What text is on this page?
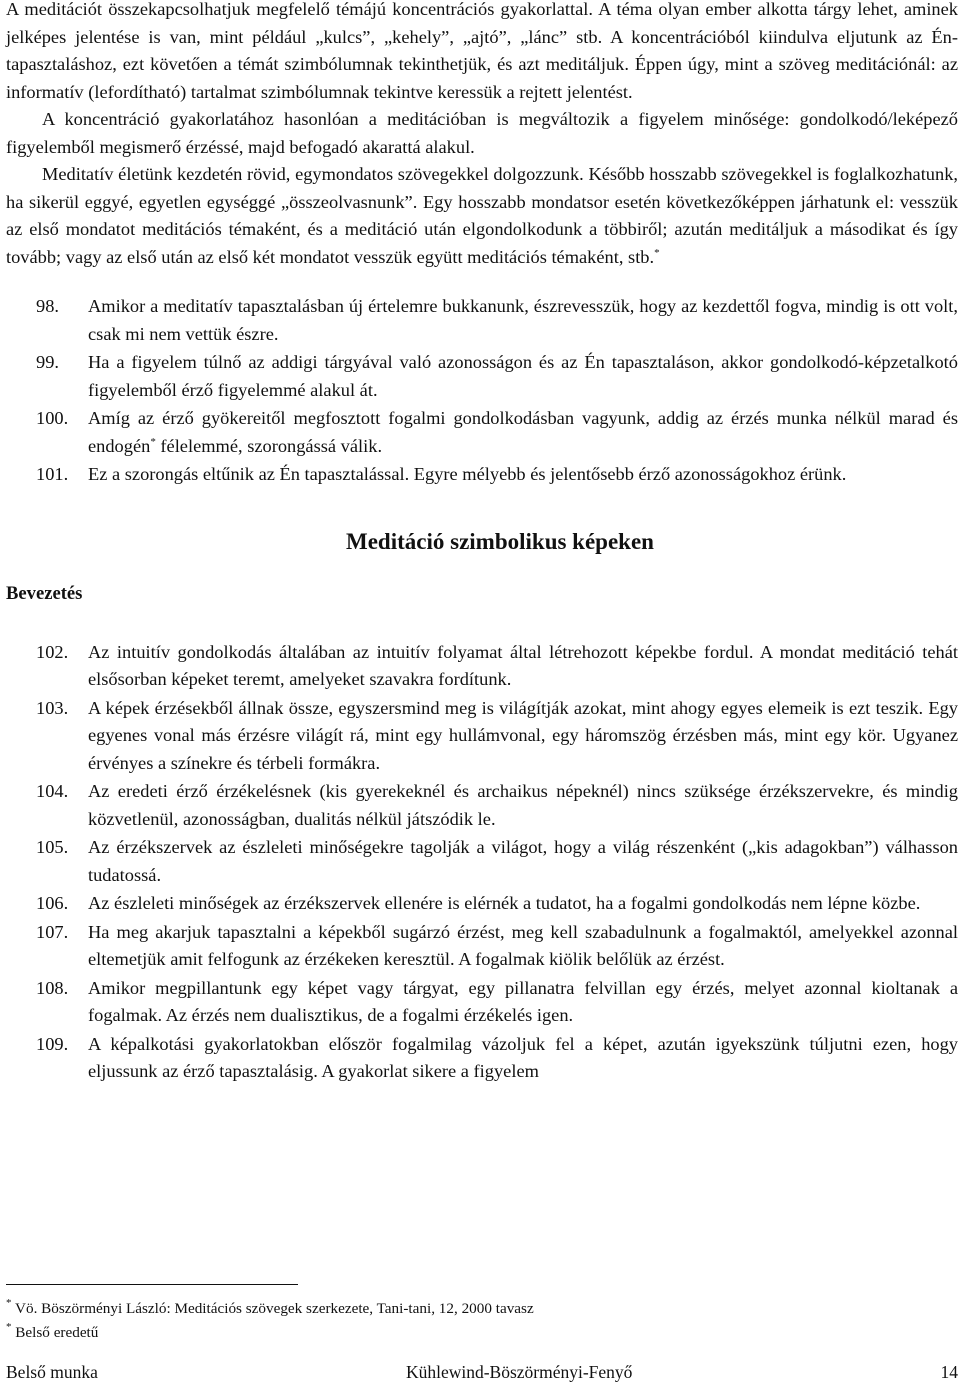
A meditációt összekapcsolhatjuk megfelelő témájú koncentrációs gyakorlattal. A téma olyan ember alkotta tárgy lehet, aminek jelképes jelentése is van, mint például „kulcs”, „kehely”, „ajtó”, „lánc” stb. A koncentrációból kiindulva eljutunk az Én-tapasztaláshoz, ezt követően a témát szimbólumnak tekinthetjük, és azt meditáljuk. Éppen úgy, mint a szöveg meditációnál: az informatív (lefordítható) tartalmat szimbólumnak tekintve keressük a rejtett jelentést.

A koncentráció gyakorlatához hasonlóan a meditációban is megváltozik a figyelem minősége: gondolkodó/leképező figyelemből megismerő érzéssé, majd befogadó akarattá alakul.

Meditatív életünk kezdetén rövid, egymondatos szövegekkel dolgozzunk. Később hosszabb szövegekkel is foglalkozhatunk, ha sikerül eggyé, egyetlen egységgé „összeolvasnunk”. Egy hosszabb mondatsor esetén következőképpen járhatunk el: vesszük az első mondatot meditációs témaként, és a meditáció után elgondolkodunk a többiről; azután meditáljuk a másodikat és így tovább; vagy az első után az első két mondatot vesszük együtt meditációs témaként, stb.*

98. Amikor a meditatív tapasztalásban új értelemre bukkanunk, észrevesszük, hogy az kezdettől fogva, mindig is ott volt, csak mi nem vettük észre.
99. Ha a figyelem túlnő az addigi tárgyával való azonosságon és az Én tapasztaláson, akkor gondolkodó-képzetalkotó figyelemből érző figyelemmé alakul át.
100. Amíg az érző gyökereitől megfosztott fogalmi gondolkodásban vagyunk, addig az érzés munka nélkül marad és endogén* félelemmé, szorongássá válik.
101. Ez a szorongás eltűnik az Én tapasztalással. Egyre mélyebb és jelentősebb érző azonosságokhoz érünk.
Meditáció szimbolikus képeken
Bevezetés
102. Az intuitív gondolkodás általában az intuitív folyamat által létrehozott képekbe fordul. A mondat meditáció tehát elsősorban képeket teremt, amelyeket szavakra fordítunk.
103. A képek érzésekből állnak össze, egyszersmind meg is világítják azokat, mint ahogy egyes elemeik is ezt teszik. Egy egyenes vonal más érzésre világít rá, mint egy hullámvonal, egy háromszög érzésben más, mint egy kör. Ugyanez érvényes a színekre és térbeli formákra.
104. Az eredeti érző érzékelésnek (kis gyerekeknél és archaikus népeknél) nincs szüksége érzékszervekre, és mindig közvetlenül, azonosságban, dualitás nélkül játszódik le.
105. Az érzékszervek az észleleti minőségekre tagolják a világot, hogy a világ részenként („kis adagokban”) válhasson tudatossá.
106. Az észleleti minőségek az érzékszervek ellenére is elérnék a tudatot, ha a fogalmi gondolkodás nem lépne közbe.
107. Ha meg akarjuk tapasztalni a képekből sugárzó érzést, meg kell szabadulnunk a fogalmaktól, amelyekkel azonnal eltemetjük amit felfogunk az érzékeken keresztül. A fogalmak kiölik belőlük az érzést.
108. Amikor megpillantunk egy képet vagy tárgyat, egy pillanatra felvillan egy érzés, melyet azonnal kioltanak a fogalmak. Az érzés nem dualisztikus, de a fogalmi érzékelés igen.
109. A képalkotási gyakorlatokban először fogalmilag vázoljuk fel a képet, azután igyekszünk túljutni ezen, hogy eljussunk az érző tapasztalásig. A gyakorlat sikere a figyelem
* Vö. Böszörményi László: Meditációs szövegek szerkezete, Tani-tani, 12, 2000 tavasz
* Belső eredetű
Belső munka	Kühlewind-Böszörményi-Fenyő	14
